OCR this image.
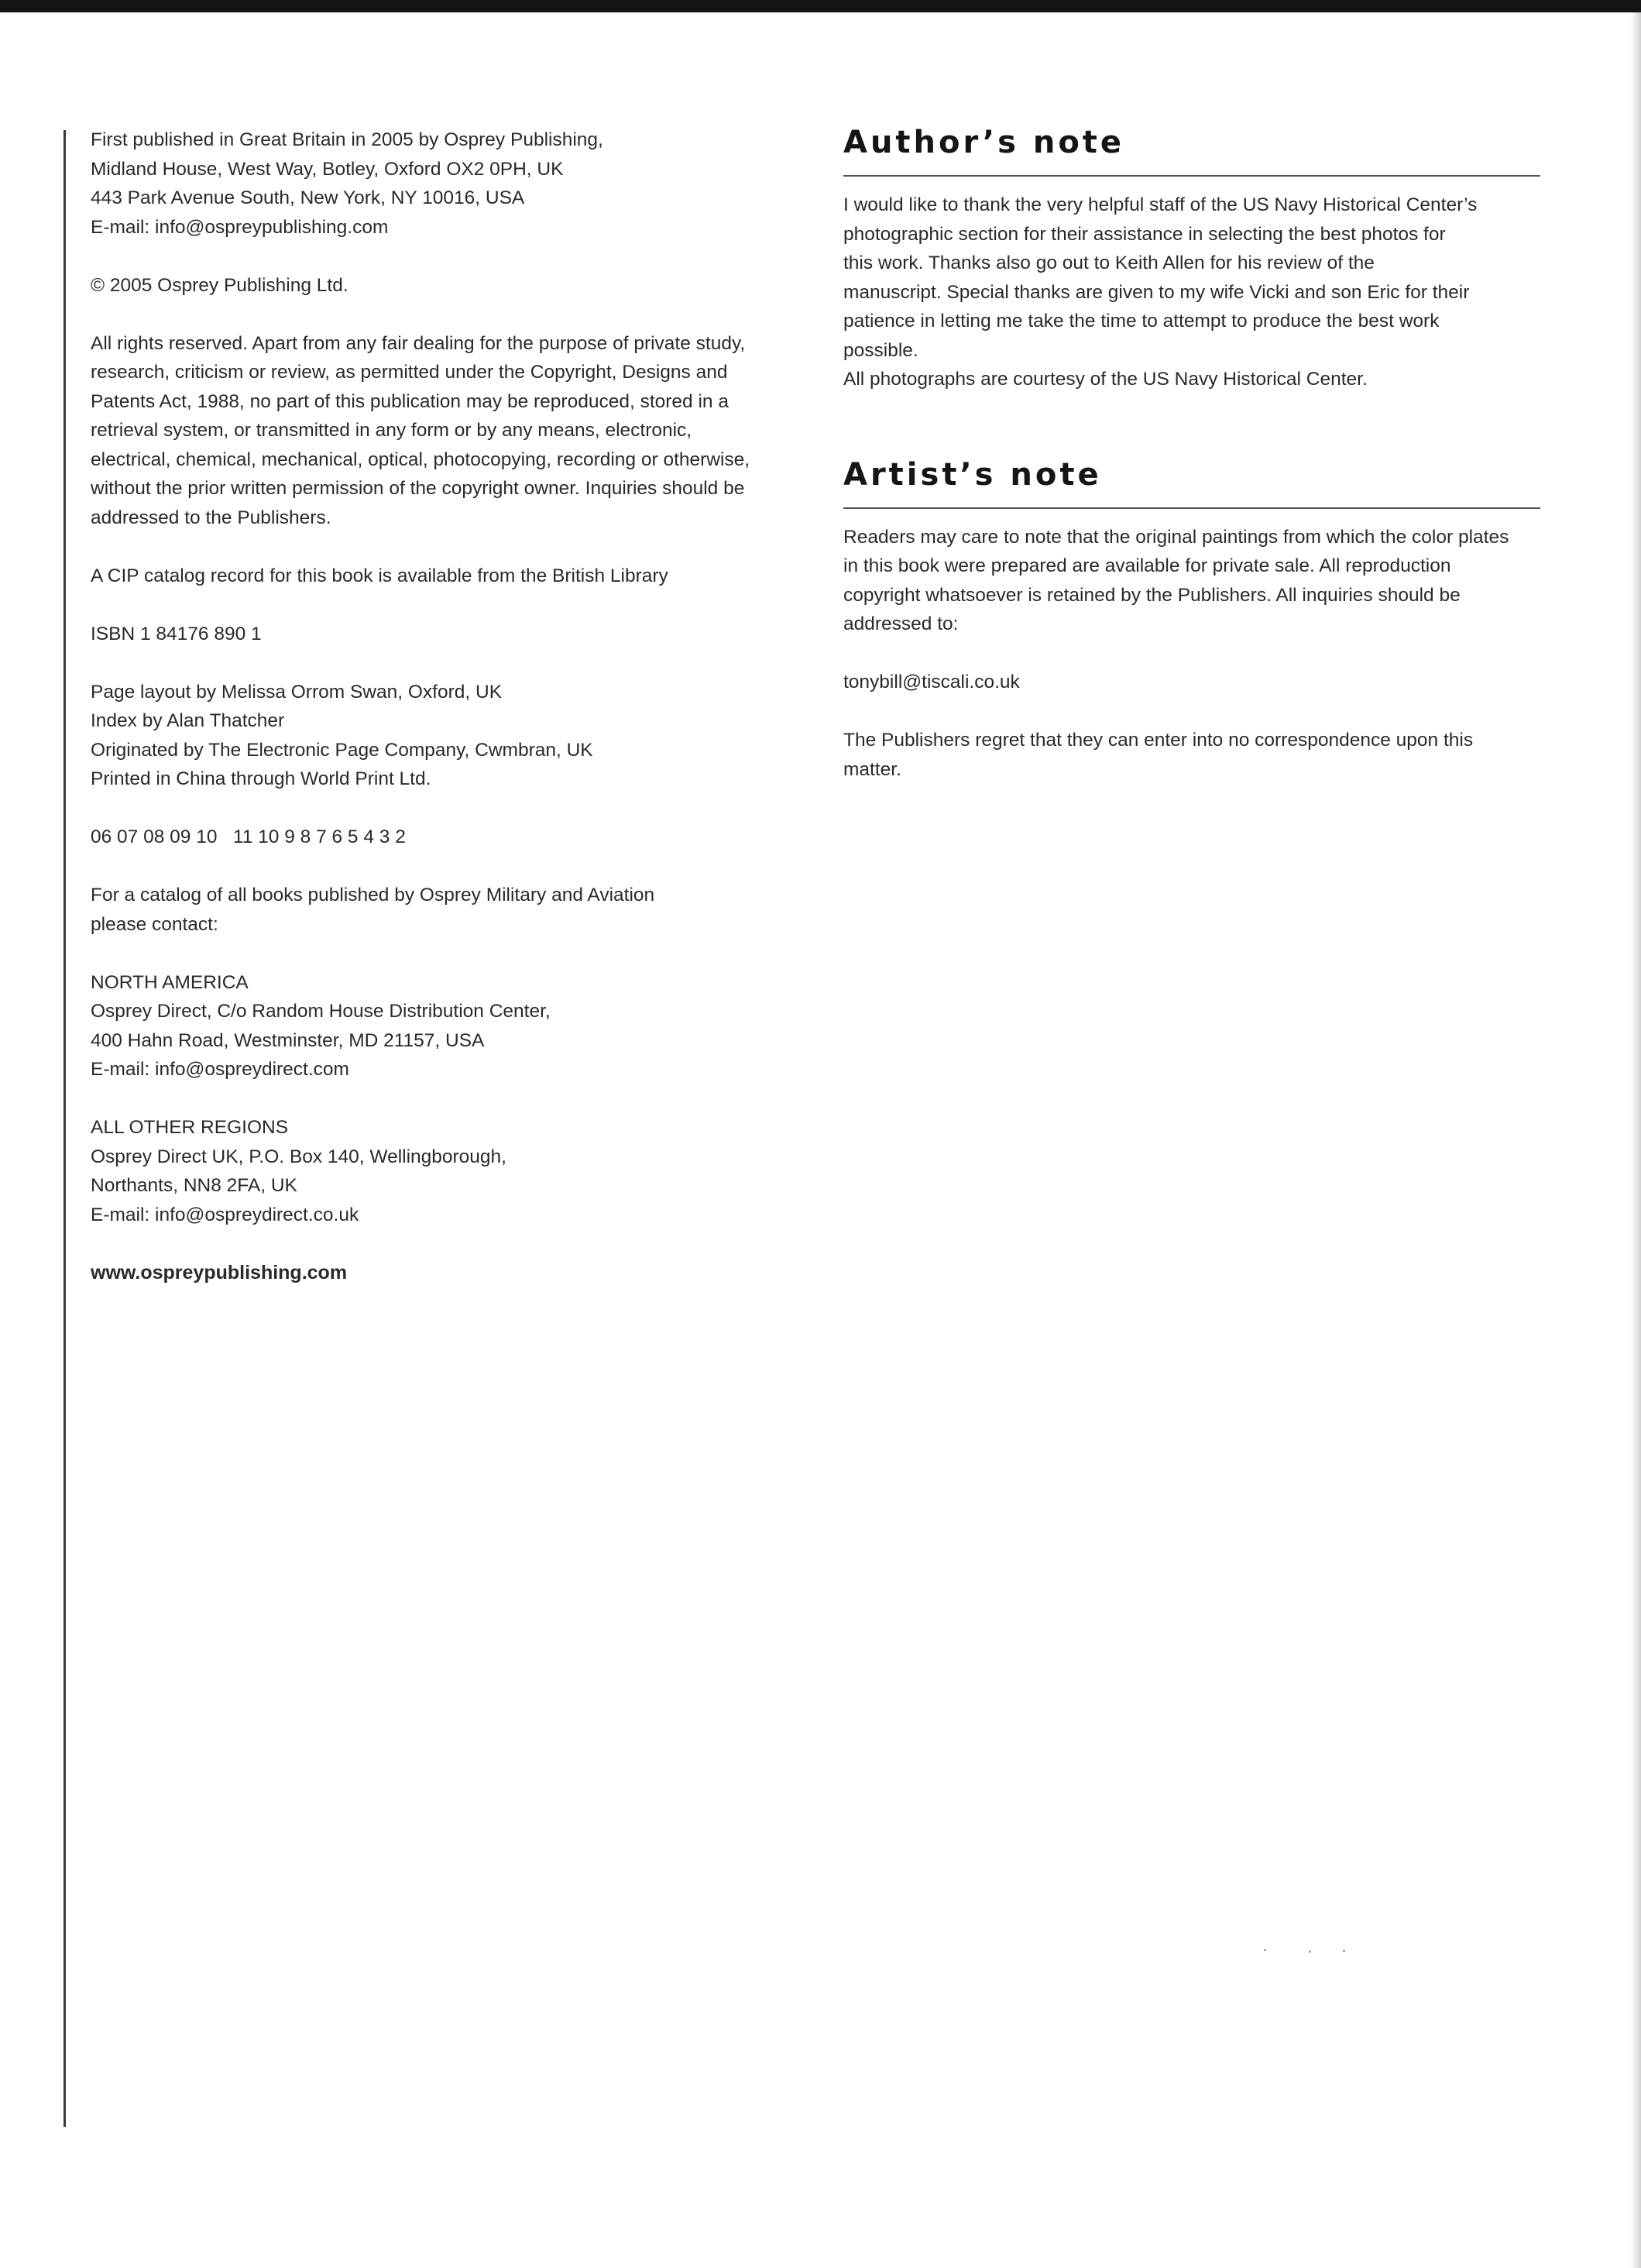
First published in Great Britain in 2005 by Osprey Publishing,
Midland House, West Way, Botley, Oxford OX2 0PH, UK
443 Park Avenue South, New York, NY 10016, USA
E-mail: info@ospreypublishing.com

© 2005 Osprey Publishing Ltd.

All rights reserved. Apart from any fair dealing for the purpose of private study,
research, criticism or review, as permitted under the Copyright, Designs and
Patents Act, 1988, no part of this publication may be reproduced, stored in a
retrieval system, or transmitted in any form or by any means, electronic,
electrical, chemical, mechanical, optical, photocopying, recording or otherwise,
without the prior written permission of the copyright owner. Inquiries should be
addressed to the Publishers.

A CIP catalog record for this book is available from the British Library

ISBN 1 84176 890 1

Page layout by Melissa Orrom Swan, Oxford, UK
Index by Alan Thatcher
Originated by The Electronic Page Company, Cwmbran, UK
Printed in China through World Print Ltd.

06 07 08 09 10   11 10 9 8 7 6 5 4 3 2

For a catalog of all books published by Osprey Military and Aviation
please contact:

NORTH AMERICA
Osprey Direct, C/o Random House Distribution Center,
400 Hahn Road, Westminster, MD 21157, USA
E-mail: info@ospreydirect.com

ALL OTHER REGIONS
Osprey Direct UK, P.O. Box 140, Wellingborough,
Northants, NN8 2FA, UK
E-mail: info@ospreydirect.co.uk

www.ospreypublishing.com

Author’s note

I would like to thank the very helpful staff of the US Navy Historical Center’s
photographic section for their assistance in selecting the best photos for
this work. Thanks also go out to Keith Allen for his review of the
manuscript. Special thanks are given to my wife Vicki and son Eric for their
patience in letting me take the time to attempt to produce the best work
possible.

All photographs are courtesy of the US Navy Historical Center.

Artist’s note

Readers may care to note that the original paintings from which the color plates
in this book were prepared are available for private sale. All reproduction
copyright whatsoever is retained by the Publishers. All inquiries should be
addressed to:

tonybill@tiscali.co.uk

The Publishers regret that they can enter into no correspondence upon this
matter.
